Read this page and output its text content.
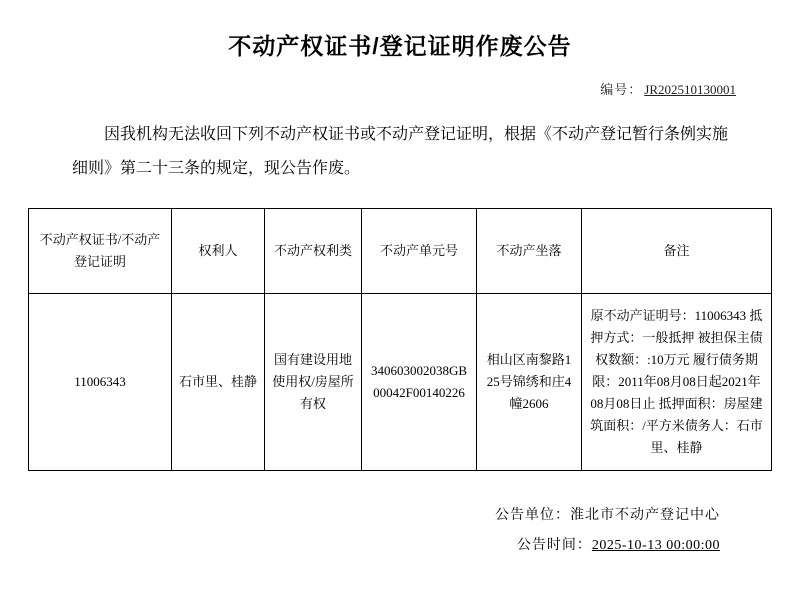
不动产权证书/登记证明作废公告
编号： JR202510130001
因我机构无法收回下列不动产权证书或不动产登记证明，根据《不动产登记暂行条例实施细则》第二十三条的规定，现公告作废。
不动产权证书/不动产登记证明	权利人	不动产权利类	不动产单元号	不动产坐落	备注
11006343	石市里、桂静	国有建设用地使用权/房屋所有权	340603002038GB00042F00140226	相山区南黎路125号锦绣和庄4幢2606	原不动产证明号：11006343 抵押方式：一般抵押 被担保主债权数额：:10万元 履行债务期限：2011年08月08日起2021年08月08日止 抵押面积：房屋建筑面积：/平方米债务人：石市里、桂静
公告单位：淮北市不动产登记中心
公告时间：2025-10-13 00:00:00
